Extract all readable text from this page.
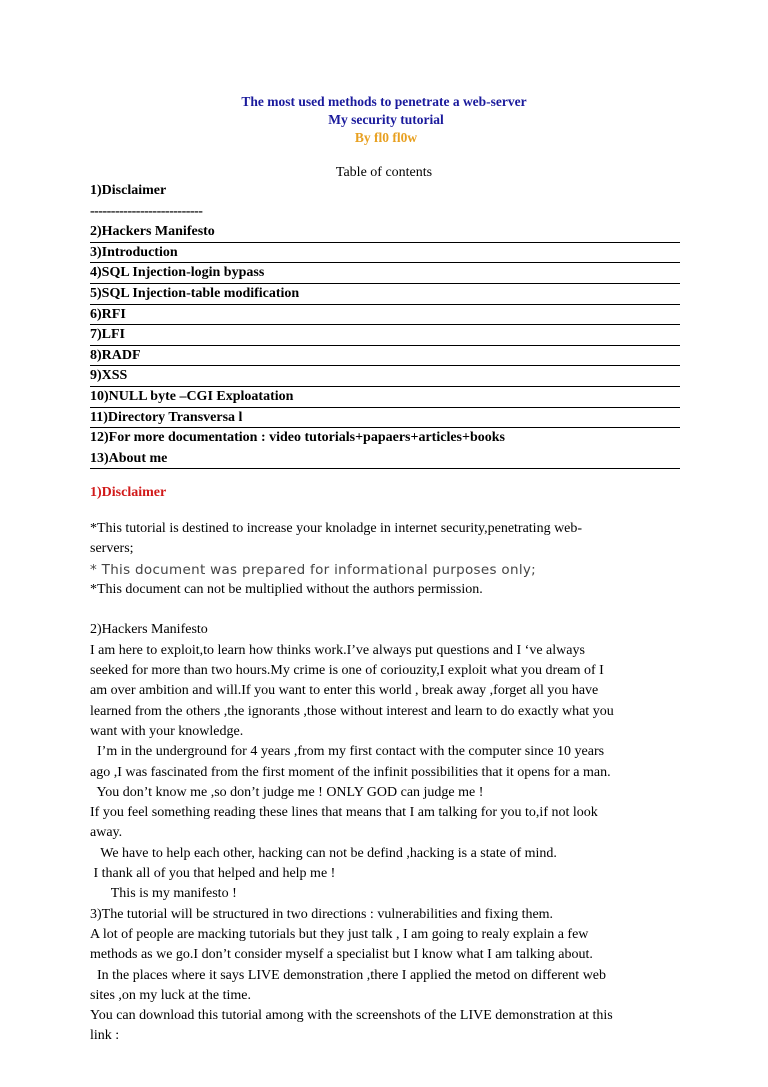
The most used methods to penetrate a web-server
My security tutorial
By fl0 fl0w
Table of contents
1)Disclaimer
---------------------------
2)Hackers Manifesto
3)Introduction
4)SQL Injection-login bypass
5)SQL Injection-table modification
6)RFI
7)LFI
8)RADF
9)XSS
10)NULL byte –CGI Exploatation
11)Directory Transversa l
12)For more documentation : video tutorials+papaers+articles+books
13)About me
1)Disclaimer

*This tutorial is destined to increase your knoladge in internet security,penetrating web-

servers;

* This document was prepared for informational purposes only;

*This document can not be multiplied without the authors permission.

2)Hackers Manifesto

I am here to exploit,to learn how thinks work.I’ve always put questions and I ‘ve always

seeked for more than two hours.My crime is one of coriouzity,I exploit what you dream of I

am over ambition and will.If you want to enter this world , break away ,forget all you have

learned from the others ,the ignorants ,those without interest and learn to do exactly what you

want with your knowledge.

I’m in the underground for 4 years ,from my first contact with the computer since 10 years

ago ,I was fascinated from the first moment of the infinit possibilities that it opens for a man.

You don’t know me ,so don’t judge me ! ONLY GOD can judge me !

If you feel something reading these lines that means that I am talking for you to,if not look

away.

We have to help each other, hacking can not be defind ,hacking is a state of mind.

I thank all of you that helped and help me !

This is my manifesto !

3)The tutorial will be structured in two directions : vulnerabilities and fixing them.

A lot of people are macking tutorials but they just talk , I am going to realy explain a few

methods as we go.I don’t consider myself a specialist but I know what I am talking about.

In the places where it says LIVE demonstration ,there I applied the metod on different web

sites ,on my luck at the time.

You can download this tutorial among with the screenshots of the LIVE demonstration at this

link :
